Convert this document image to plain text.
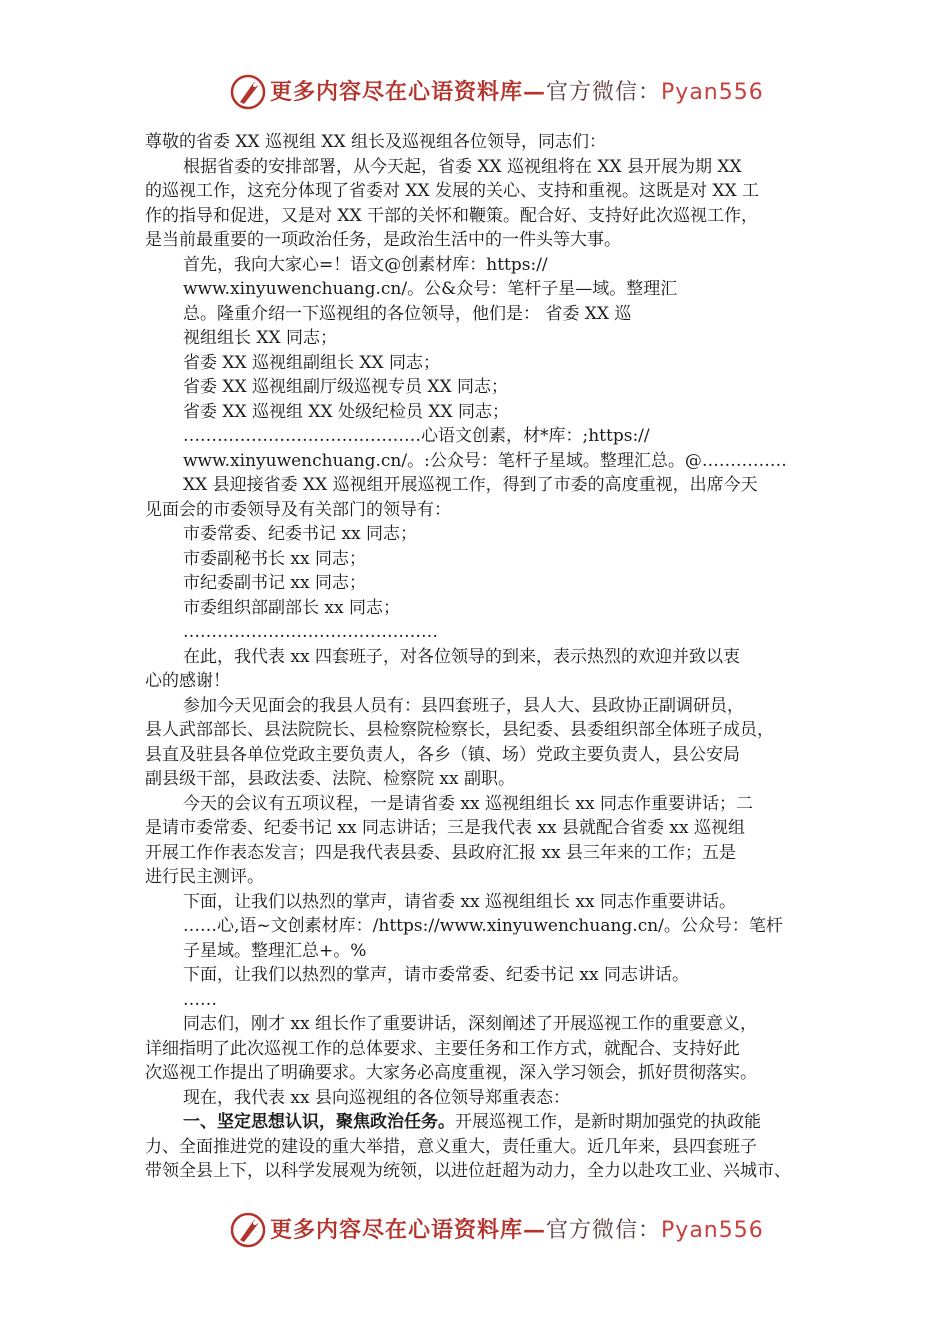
更多内容尽在心语资料库—官方微信：Pyan556
尊敬的省委 XX 巡视组 XX 组长及巡视组各位领导，同志们：
根据省委的安排部署，从今天起，省委 XX 巡视组将在 XX 县开展为期 XX
的巡视工作，这充分体现了省委对 XX 发展的关心、支持和重视。这既是对 XX 工
作的指导和促进，又是对 XX 干部的关怀和鞭策。配合好、支持好此次巡视工作，
是当前最重要的一项政治任务，是政治生活中的一件头等大事。
首先，我向大家心=！语文@创素材库：https://
www.xinyuwenchuang.cn/。公&众号：笔杆子星—域。整理汇
总。隆重介绍一下巡视组的各位领导，他们是： 省委 XX 巡
视组组长 XX 同志；
省委 XX 巡视组副组长 XX 同志；
省委 XX 巡视组副厅级巡视专员 XX 同志；
省委 XX 巡视组 XX 处级纪检员 XX 同志；
……………………………………心语文创素，材*库：;https://
www.xinyuwenchuang.cn/。:公众号：笔杆子星域。整理汇总。@……………
XX 县迎接省委 XX 巡视组开展巡视工作，得到了市委的高度重视，出席今天
见面会的市委领导及有关部门的领导有：
市委常委、纪委书记 xx 同志；
市委副秘书长 xx 同志；
市纪委副书记 xx 同志；
市委组织部副部长 xx 同志；
………………………………………
在此，我代表 xx 四套班子，对各位领导的到来，表示热烈的欢迎并致以衷
心的感谢！
参加今天见面会的我县人员有：县四套班子，县人大、县政协正副调研员，
县人武部部长、县法院院长、县检察院检察长，县纪委、县委组织部全体班子成员，
县直及驻县各单位党政主要负责人，各乡（镇、场）党政主要负责人，县公安局
副县级干部，县政法委、法院、检察院 xx 副职。
今天的会议有五项议程，一是请省委 xx 巡视组组长 xx 同志作重要讲话；二
是请市委常委、纪委书记 xx 同志讲话；三是我代表 xx 县就配合省委 xx 巡视组
开展工作作表态发言；四是我代表县委、县政府汇报 xx 县三年来的工作；五是
进行民主测评。
下面，让我们以热烈的掌声，请省委 xx 巡视组组长 xx 同志作重要讲话。
……心,语~文创素材库：/https://www.xinyuwenchuang.cn/。公众号：笔杆
子星域。整理汇总+。%
下面，让我们以热烈的掌声，请市委常委、纪委书记 xx 同志讲话。
……
同志们，刚才 xx 组长作了重要讲话，深刻阐述了开展巡视工作的重要意义，
详细指明了此次巡视工作的总体要求、主要任务和工作方式，就配合、支持好此
次巡视工作提出了明确要求。大家务必高度重视，深入学习领会，抓好贯彻落实。
现在，我代表 xx 县向巡视组的各位领导郑重表态：
一、坚定思想认识，聚焦政治任务。开展巡视工作，是新时期加强党的执政能
力、全面推进党的建设的重大举措，意义重大，责任重大。近几年来，县四套班子
带领全县上下，以科学发展观为统领，以进位赶超为动力，全力以赴攻工业、兴城市、
更多内容尽在心语资料库—官方微信：Pyan556
